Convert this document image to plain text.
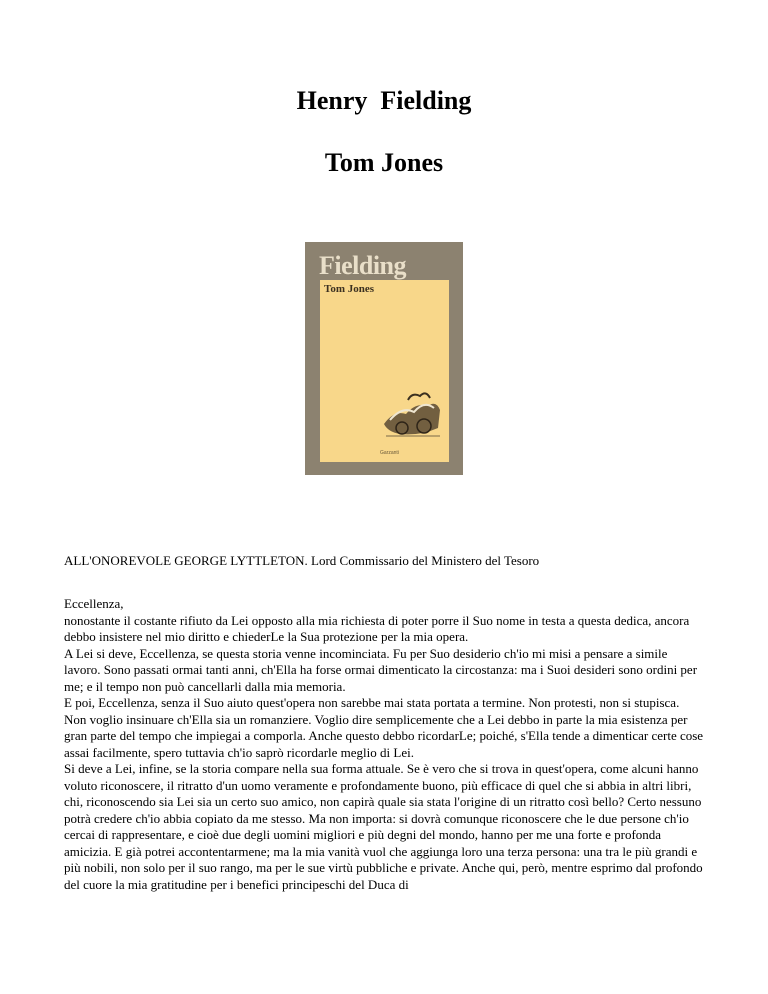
Henry  Fielding
Tom Jones
Fielding
Tom Jones
Garzanti
ALL'ONOREVOLE GEORGE LYTTLETON. Lord Commissario del Ministero del Tesoro

Eccellenza,

nonostante il costante rifiuto da Lei opposto alla mia richiesta di poter porre il Suo nome in testa a questa dedica, ancora debbo insistere nel mio diritto e chiederLe la Sua protezione per la mia opera.

A Lei si deve, Eccellenza, se questa storia venne incominciata. Fu per Suo desiderio ch'io mi misi a pensare a simile lavoro. Sono passati ormai tanti anni, ch'Ella ha forse ormai dimenticato la circostanza: ma i Suoi desideri sono ordini per me; e il tempo non può cancellarli dalla mia memoria.

E poi, Eccellenza, senza il Suo aiuto quest'opera non sarebbe mai stata portata a termine. Non protesti, non si stupisca. Non voglio insinuare ch'Ella sia un romanziere. Voglio dire semplicemente che a Lei debbo in parte la mia esistenza per gran parte del tempo che impiegai a comporla. Anche questo debbo ricordarLe; poiché, s'Ella tende a dimenticar certe cose assai facilmente, spero tuttavia ch'io saprò ricordarle meglio di Lei.

Si deve a Lei, infine, se la storia compare nella sua forma attuale. Se è vero che si trova in quest'opera, come alcuni hanno voluto riconoscere, il ritratto d'un uomo veramente e profondamente buono, più efficace di quel che si abbia in altri libri, chi, riconoscendo sia Lei sia un certo suo amico, non capirà quale sia stata l'origine di un ritratto così bello? Certo nessuno potrà credere ch'io abbia copiato da me stesso. Ma non importa: si dovrà comunque riconoscere che le due persone ch'io cercai di rappresentare, e cioè due degli uomini migliori e più degni del mondo, hanno per me una forte e profonda amicizia. E già potrei accontentarmene; ma la mia vanità vuol che aggiunga loro una terza persona: una tra le più grandi e più nobili, non solo per il suo rango, ma per le sue virtù pubbliche e private. Anche qui, però, mentre esprimo dal profondo del cuore la mia gratitudine per i benefici principeschi del Duca di
